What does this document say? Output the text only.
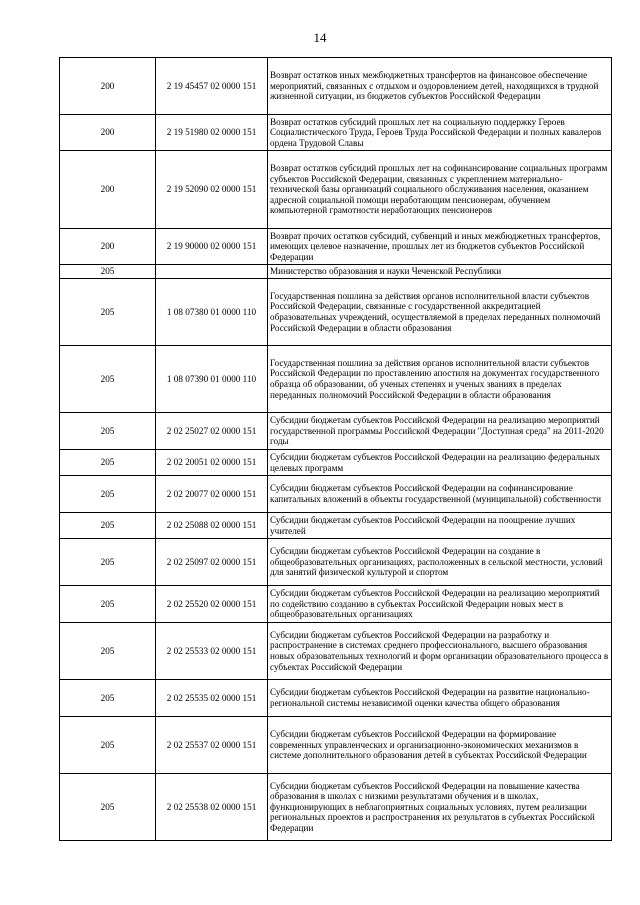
14
200	2 19 45457 02 0000 151	Возврат остатков иных межбюджетных трансфертов на финансовое обеспечение мероприятий, связанных с отдыхом и оздоровлением детей, находящихся в трудной жизненной ситуации, из бюджетов субъектов Российской Федерации
200	2 19 51980 02 0000 151	Возврат остатков субсидий прошлых лет на социальную поддержку Героев Социалистического Труда, Героев Труда Российской Федерации и полных кавалеров ордена Трудовой Славы
200	2 19 52090 02 0000 151	Возврат остатков субсидий прошлых лет на софинансирование социальных программ субъектов Российской Федерации, связанных с укреплением материально-технической базы организаций социального обслуживания населения, оказанием адресной социальной помощи неработающим пенсионерам, обучением компьютерной грамотности неработающих пенсионеров
200	2 19 90000 02 0000 151	Возврат прочих остатков субсидий, субвенций и иных межбюджетных трансфертов, имеющих целевое назначение, прошлых лет из бюджетов субъектов Российской Федерации
205		Министерство образования и науки Чеченской Республики
205	1 08 07380 01 0000 110	Государственная пошлина за действия органов исполнительной власти субъектов Российской Федерации, связанные с государственной аккредитацией образовательных учреждений, осуществляемой в пределах переданных полномочий Российской Федерации в области образования
205	1 08 07390 01 0000 110	Государственная пошлина за действия органов исполнительной власти субъектов Российской Федерации по проставлению апостиля на документах государственного образца об образовании, об ученых степенях и ученых званиях в пределах переданных полномочий Российской Федерации в области образования
205	2 02 25027 02 0000 151	Субсидии бюджетам субъектов Российской Федерации на реализацию мероприятий государственной программы Российской Федерации "Доступная среда" на 2011-2020 годы
205	2 02 20051 02 0000 151	Субсидии бюджетам субъектов Российской Федерации на реализацию федеральных целевых программ
205	2 02 20077 02 0000 151	Субсидии бюджетам субъектов Российской Федерации на софинансирование капитальных вложений в объекты государственной (муниципальной) собственности
205	2 02 25088 02 0000 151	Субсидии бюджетам субъектов Российской Федерации на поощрение лучших учителей
205	2 02 25097 02 0000 151	Субсидии бюджетам субъектов Российской Федерации на создание в общеобразовательных организациях, расположенных в сельской местности, условий для занятий физической культурой и спортом
205	2 02 25520 02 0000 151	Субсидии бюджетам субъектов Российской Федерации на реализацию мероприятий по содействию созданию в субъектах Российской Федерации новых мест в общеобразовательных организациях
205	2 02 25533 02 0000 151	Субсидии бюджетам субъектов Российской Федерации на разработку и распространение в системах среднего профессионального, высшего образования новых образовательных технологий и форм организации образовательного процесса в субъектах Российской Федерации
205	2 02 25535 02 0000 151	Субсидии бюджетам субъектов Российской Федерации на развитие национально-региональной системы независимой оценки качества общего образования
205	2 02 25537 02 0000 151	Субсидии бюджетам субъектов Российской Федерации на формирование современных управленческих и организационно-экономических механизмов в системе дополнительного образования детей в субъектах Российской Федерации
205	2 02 25538 02 0000 151	Субсидии бюджетам субъектов Российской Федерации на повышение качества образования в школах с низкими результатами обучения и в школах, функционирующих в неблагоприятных социальных условиях, путем реализации региональных проектов и распространения их результатов в субъектах Российской Федерации
